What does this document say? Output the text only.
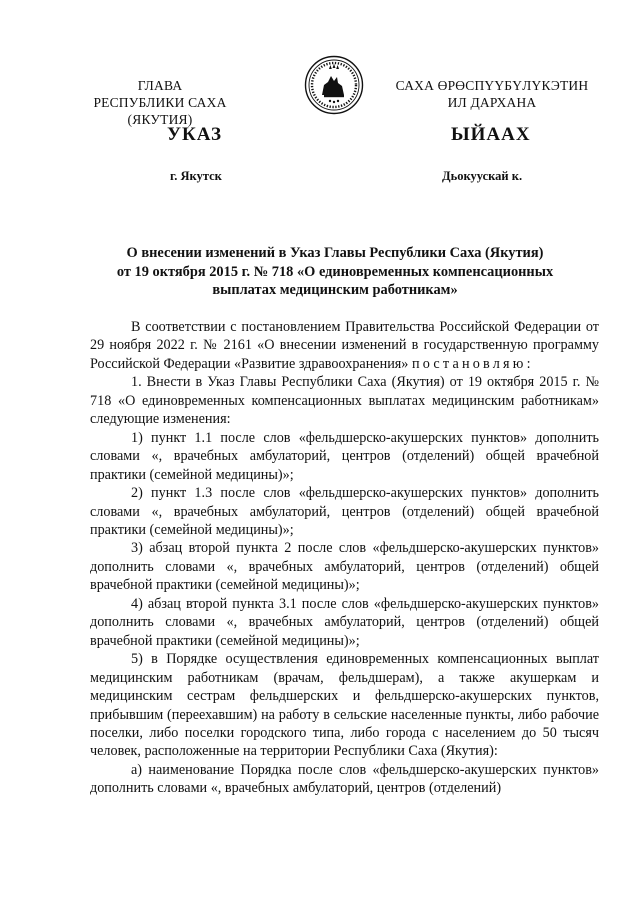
ГЛАВА
РЕСПУБЛИКИ САХА (ЯКУТИЯ)
САХА ӨРӨСПҮҮБҮЛҮКЭТИН
ИЛ ДАРХАНА
УКАЗ	ЫЙААХ
г. Якутск	Дьокуускай к.
О внесении изменений в Указ Главы Республики Саха (Якутия)
от 19 октября 2015 г. № 718 «О единовременных компенсационных
выплатах медицинским работникам»

В соответствии с постановлением Правительства Российской Федерации от 29 ноября 2022 г. № 2161 «О внесении изменений в государственную программу Российской Федерации «Развитие здравоохранения» постановляю:

1. Внести в Указ Главы Республики Саха (Якутия) от 19 октября 2015 г. № 718 «О единовременных компенсационных выплатах медицинским работникам» следующие изменения:

1) пункт 1.1 после слов «фельдшерско-акушерских пунктов» дополнить словами «, врачебных амбулаторий, центров (отделений) общей врачебной практики (семейной медицины)»;

2) пункт 1.3 после слов «фельдшерско-акушерских пунктов» дополнить словами «, врачебных амбулаторий, центров (отделений) общей врачебной практики (семейной медицины)»;

3) абзац второй пункта 2 после слов «фельдшерско-акушерских пунктов» дополнить словами «, врачебных амбулаторий, центров (отделений) общей врачебной практики (семейной медицины)»;

4) абзац второй пункта 3.1 после слов «фельдшерско-акушерских пунктов» дополнить словами «, врачебных амбулаторий, центров (отделений) общей врачебной практики (семейной медицины)»;

5) в Порядке осуществления единовременных компенсационных выплат медицинским работникам (врачам, фельдшерам), а также акушеркам и медицинским сестрам фельдшерских и фельдшерско-акушерских пунктов, прибывшим (переехавшим) на работу в сельские населенные пункты, либо рабочие поселки, либо поселки городского типа, либо города с населением до 50 тысяч человек, расположенные на территории Республики Саха (Якутия):

а) наименование Порядка после слов «фельдшерско-акушерских пунктов» дополнить словами «, врачебных амбулаторий, центров (отделений)
